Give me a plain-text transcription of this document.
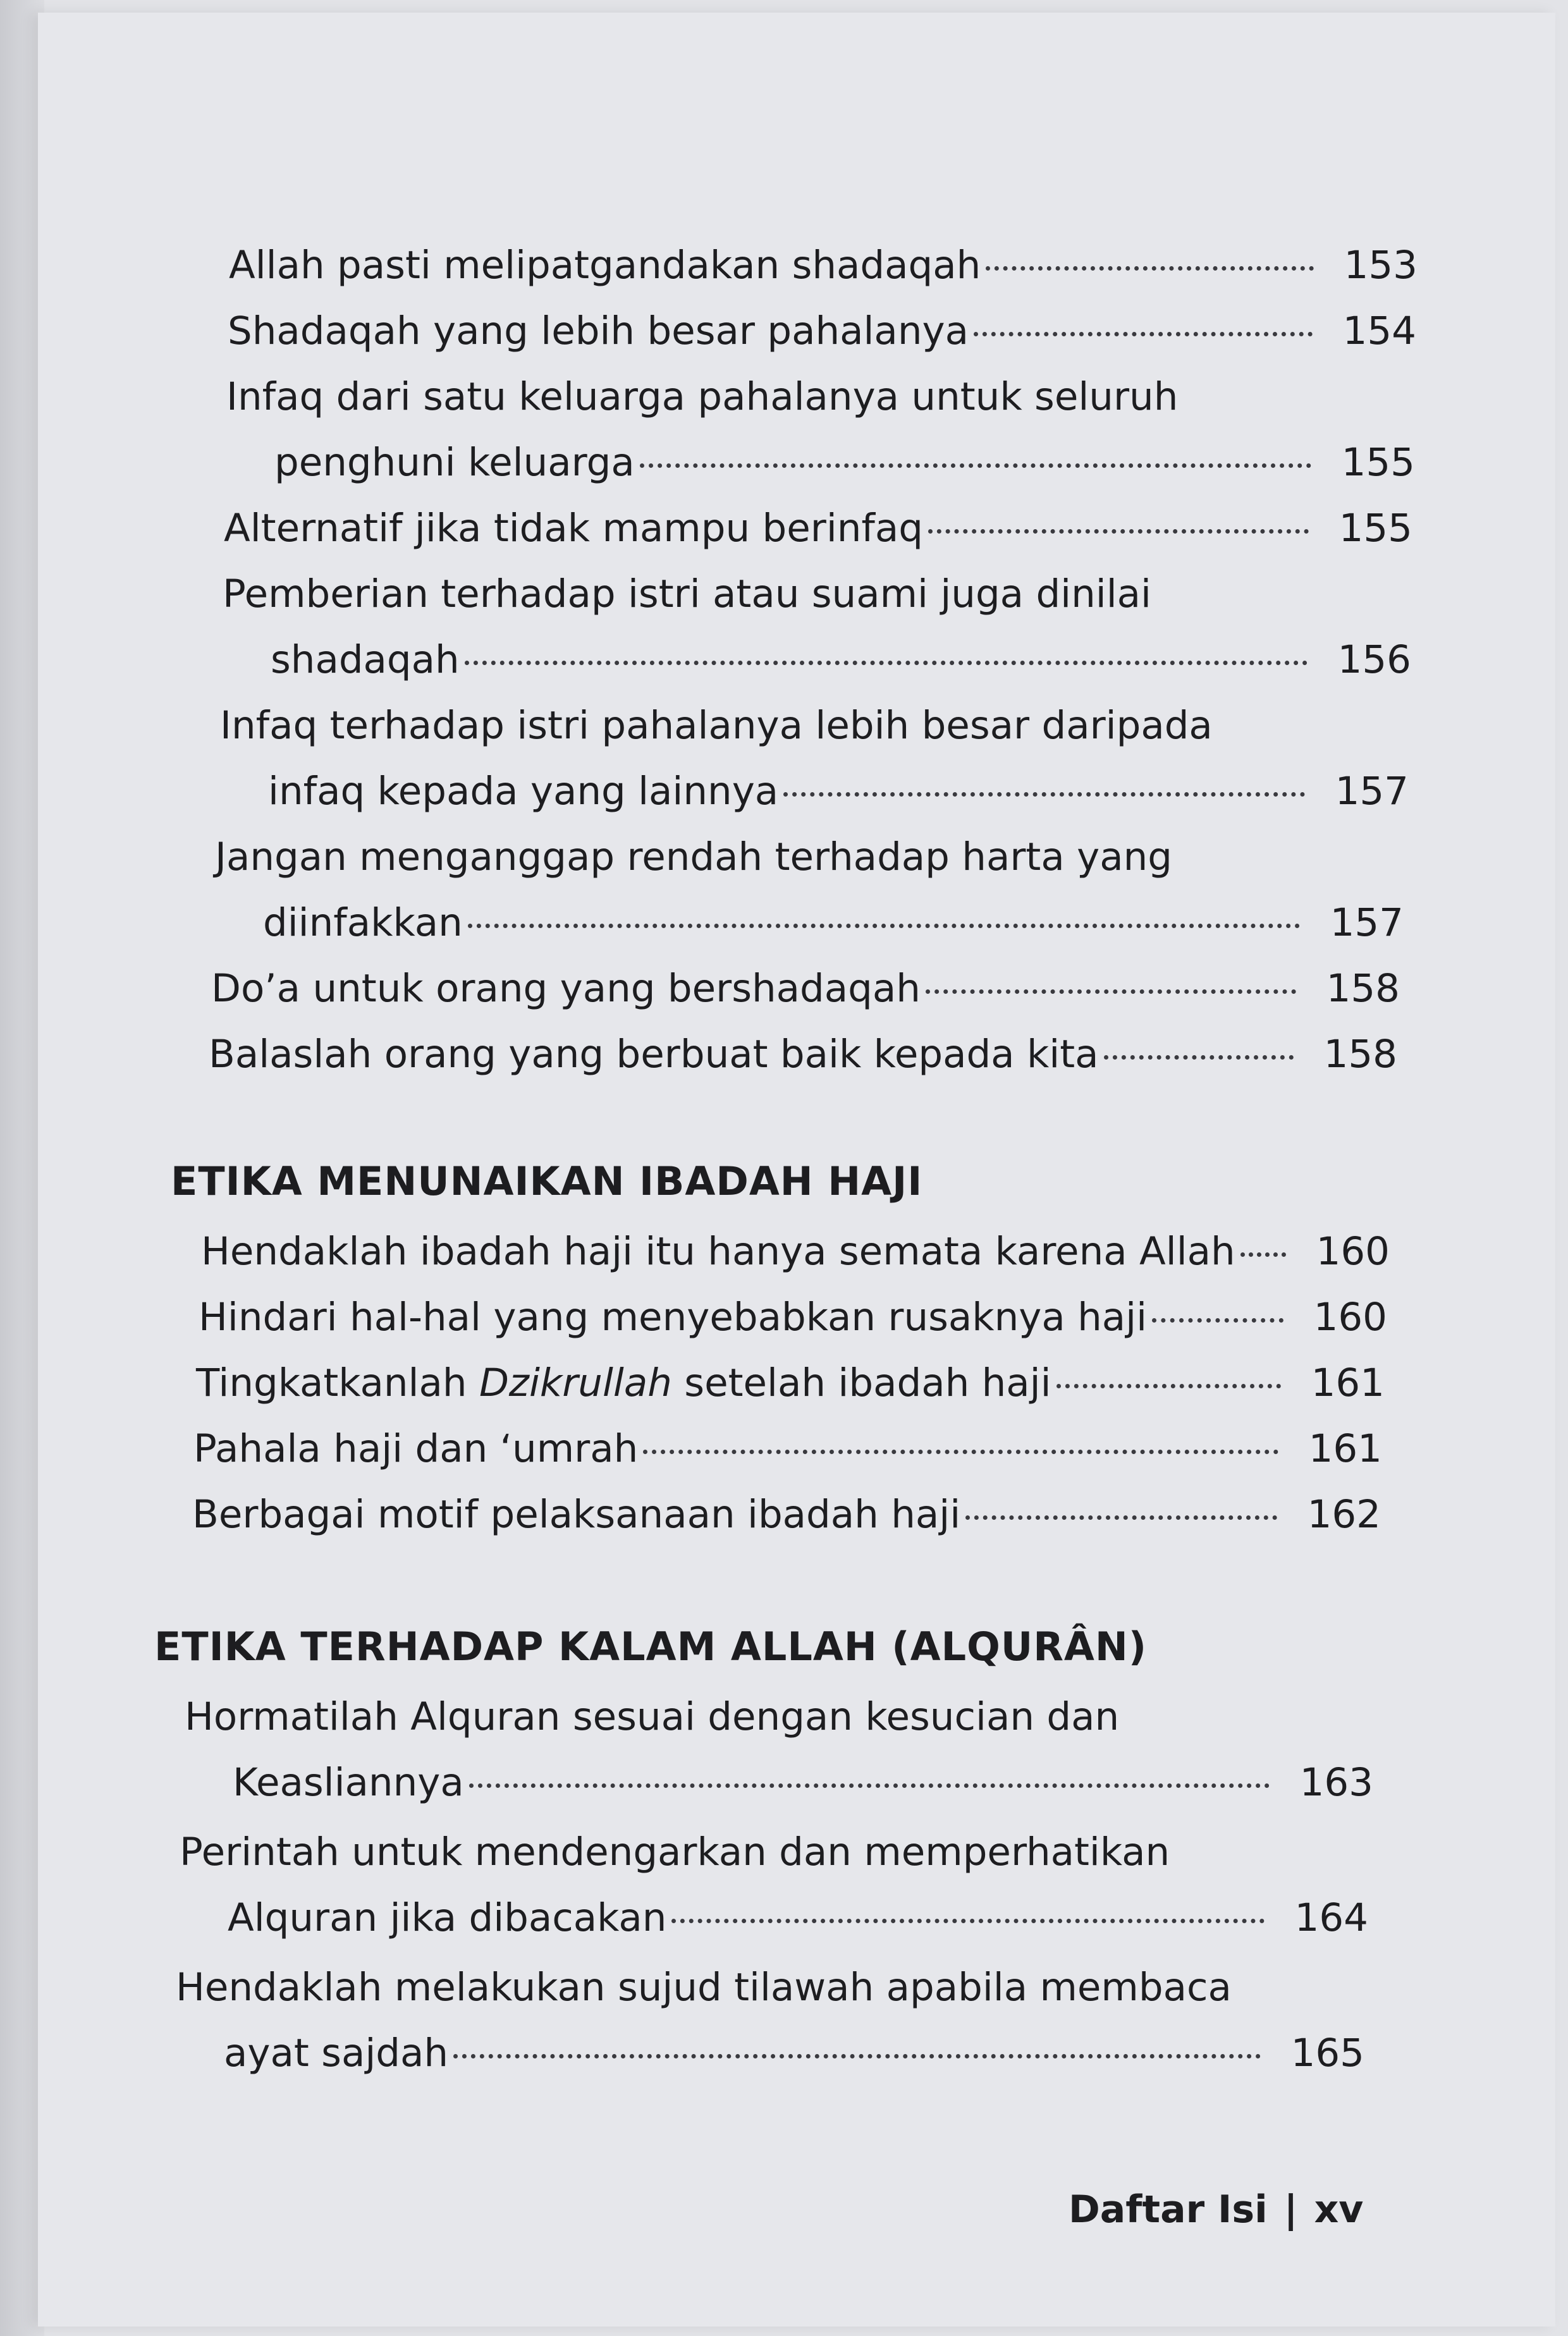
Allah pasti melipatgandakan shadaqah	153
Shadaqah yang lebih besar pahalanya	154
Infaq dari satu keluarga pahalanya untuk seluruh
penghuni keluarga	155
Alternatif jika tidak mampu berinfaq	155
Pemberian terhadap istri atau suami juga dinilai
shadaqah	156
Infaq terhadap istri pahalanya lebih besar daripada
infaq kepada yang lainnya	157
Jangan menganggap rendah terhadap harta yang
diinfakkan	157
Do’a untuk orang yang bershadaqah	158
Balaslah orang yang berbuat baik kepada kita	158
ETIKA MENUNAIKAN IBADAH HAJI
Hendaklah ibadah haji itu hanya semata karena Allah	160
Hindari hal-hal yang menyebabkan rusaknya haji	160
Tingkatkanlah Dzikrullah setelah ibadah haji	161
Pahala haji dan ‘umrah	161
Berbagai motif pelaksanaan ibadah haji	162
ETIKA TERHADAP KALAM ALLAH (ALQURÂN)
Hormatilah Alquran sesuai dengan kesucian dan
Keasliannya	163
Perintah untuk mendengarkan dan memperhatikan
Alquran jika dibacakan	164
Hendaklah melakukan sujud tilawah apabila membaca
ayat sajdah	165
Daftar Isi | xv
